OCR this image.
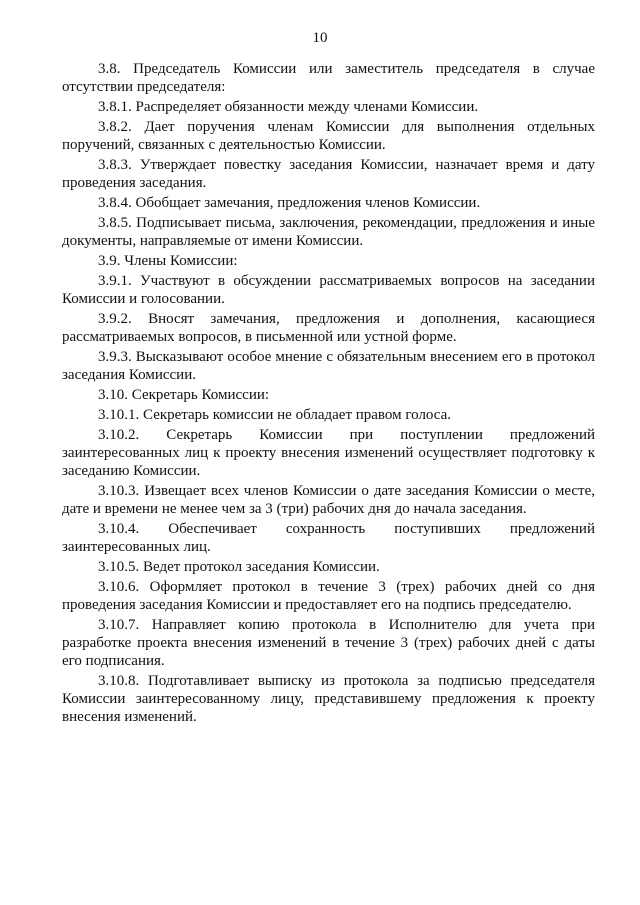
10

3.8. Председатель Комиссии или заместитель председателя в случае отсутствии председателя:

3.8.1. Распределяет обязанности между членами Комиссии.

3.8.2. Дает поручения членам Комиссии для выполнения отдельных поручений, связанных с деятельностью Комиссии.

3.8.3. Утверждает повестку заседания Комиссии, назначает время и дату проведения заседания.

3.8.4. Обобщает замечания, предложения членов Комиссии.

3.8.5. Подписывает письма, заключения, рекомендации, предложения и иные документы, направляемые от имени Комиссии.

3.9. Члены Комиссии:

3.9.1. Участвуют в обсуждении рассматриваемых вопросов на заседании Комиссии и голосовании.

3.9.2. Вносят замечания, предложения и дополнения, касающиеся рассматриваемых вопросов, в письменной или устной форме.

3.9.3. Высказывают особое мнение с обязательным внесением его в протокол заседания Комиссии.

3.10. Секретарь Комиссии:

3.10.1. Секретарь комиссии не обладает правом голоса.

3.10.2. Секретарь Комиссии при поступлении предложений заинтересованных лиц к проекту внесения изменений осуществляет подготовку к заседанию Комиссии.

3.10.3. Извещает всех членов Комиссии о дате заседания Комиссии о месте, дате и времени не менее чем за 3 (три) рабочих дня до начала заседания.

3.10.4. Обеспечивает сохранность поступивших предложений заинтересованных лиц.

3.10.5. Ведет протокол заседания Комиссии.

3.10.6. Оформляет протокол в течение 3 (трех) рабочих дней со дня проведения заседания Комиссии и предоставляет его на подпись председателю.

3.10.7. Направляет копию протокола в Исполнителю для учета при разработке проекта внесения изменений в течение 3 (трех) рабочих дней с даты его подписания.

3.10.8. Подготавливает выписку из протокола за подписью председателя Комиссии заинтересованному лицу, представившему предложения к проекту внесения изменений.
